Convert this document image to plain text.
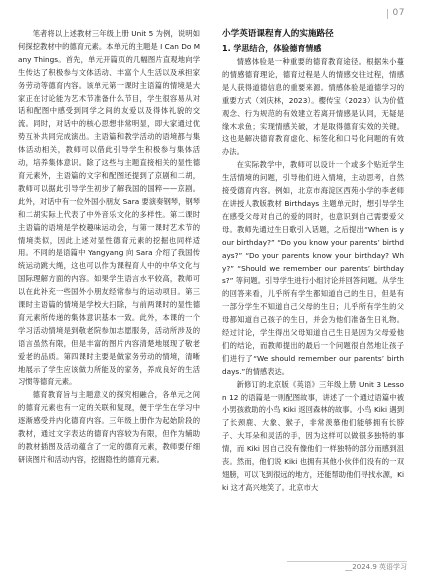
07

笔者将以上述教材三年级上册 Unit 5 为例，说明如何探挖教材中的德育元素。本单元的主题是 I Can Do Many Things。首先，单元开篇页的几幅图片直观地向学生传达了积极参与文体活动、丰富个人生活以及承担家务劳动等德育内容。该单元第一课时主语篇的情境是大家正在讨论能为艺术节准备什么节目，学生很容易从对话和配图中感受到同学之间的友爱以及得体礼貌的交流。同时，对话中的核心思想非常明显，即大家通过优势互补共同完成演出。主语篇和教学活动的语境都与集体活动相关，教师可以借此引导学生积极参与集体活动，培养集体意识。除了这些与主题直接相关的显性德育元素外，主语篇的文字和配图还提到了京剧和二胡，教师可以据此引导学生初步了解我国的国粹——京剧。此外，对话中有一位外国小朋友 Sara 要演奏钢琴，钢琴和二胡实际上代表了中外音乐文化的多样性。第二课时主语篇的语境是学校趣味运动会，与第一课时艺术节的情境类似，因此上述对显性德育元素的挖掘也同样适用。不同的是语篇中 Yangyang 向 Sara 介绍了我国传统运动跳大绳，这也可以作为课程育人中的中华文化与国际理解方面的内容。如果学生语言水平较高，教师可以在此补充一些国外小朋友经常参与的运动项目。第三课时主语篇的情境是学校大扫除，与前两课时的显性德育元素所传递的集体意识基本一致。此外，本课的一个学习活动情境是到敬老院参加志愿服务，活动所涉及的语言虽然有限，但是丰富的图片内容清楚地展现了敬老爱老的品质。第四课时主要是做家务劳动的情境，清晰地展示了学生应该做力所能及的家务，养成良好的生活习惯等德育元素。

德育教育旨与主题意义的探究相融合，各单元之间的德育元素也有一定的关联和复现，便于学生在学习中逐渐感受并内化德育内容。三年级上册作为起始阶段的教材，通过文字表达的德育内容较为有限，但作为辅助的教材插图及活动蕴含了一定的德育元素，教师要仔细研读图片和活动内容，挖掘隐性的德育元素。

小学英语课程育人的实施路径
1. 学思结合，体验德育情感

情感体验是一种重要的德育教育途径。根据朱小蔓的情感德育理论，德育过程是人的情感交往过程，情感是人获得道德信息的重要来源。情感体验是道德学习的重要方式（刘庆林，2023）。樱传宝（2023）认为价值观念、行为规范的有效建立若离开情感是认同，无疑是缘木求鱼；实现情感关破，才是取得德育实效的关键。这也是解决德育教育虚化、标签化和口号化问题的有效办法。

在实际教学中，教师可以设计一个或多个贴近学生生活情境的问题，引导他们进入情境，主动思考，自然接受德育内容。例如，北京市海淀区西苑小学的李老师在讲授人教版教材 Birthdays 主题单元时，想引导学生在感受父母对自己的爱的同时，也意识到自己需要爱父母。教师先通过生日歌引入话题，之后提出“When is your birthday?” “Do you know your parents’ birthdays?” “Do your parents know your birthday? Why?” “Should we remember our parents’ birthdays?” 等问题。引导学生进行小组讨论并回答问题。从学生的回答来看，儿乎所有学生都知道自己的生日，但是有一部分学生不知道自己父母的生日；儿乎所有学生的父母都知道自己孩子的生日，并会为他们准备生日礼物。经过讨论，学生得出父母知道自己生日是因为父母爱他们的结论，而教师提出的最后一个问题很自然地让孩子们进行了“We should remember our parents’ birthdays.”的情感表达。

新修订的北京版《英语》三年级上册 Unit 3 Lesson 12 的语篇是一则配图故事，讲述了一个通过语篇中被小男孩救助的小鸟 Kiki 返回森林的故事。小鸟 Kiki 遇到了长颈鹿、大象、猴子，非常羡慕他们能够拥有长脖子、大耳朵和灵活的手，因为这样可以做很多独特的事情，而 Kiki 因自己没有像他们一样独特的部分而感到沮丧。然而，他们说 Kiki 也拥有其他小伙伴们没有的一双翅膀，可以飞到很远的地方，还能帮助他们寻找水源，Kiki 这才高兴地笑了。北京市大

__2024.9 英语学习
